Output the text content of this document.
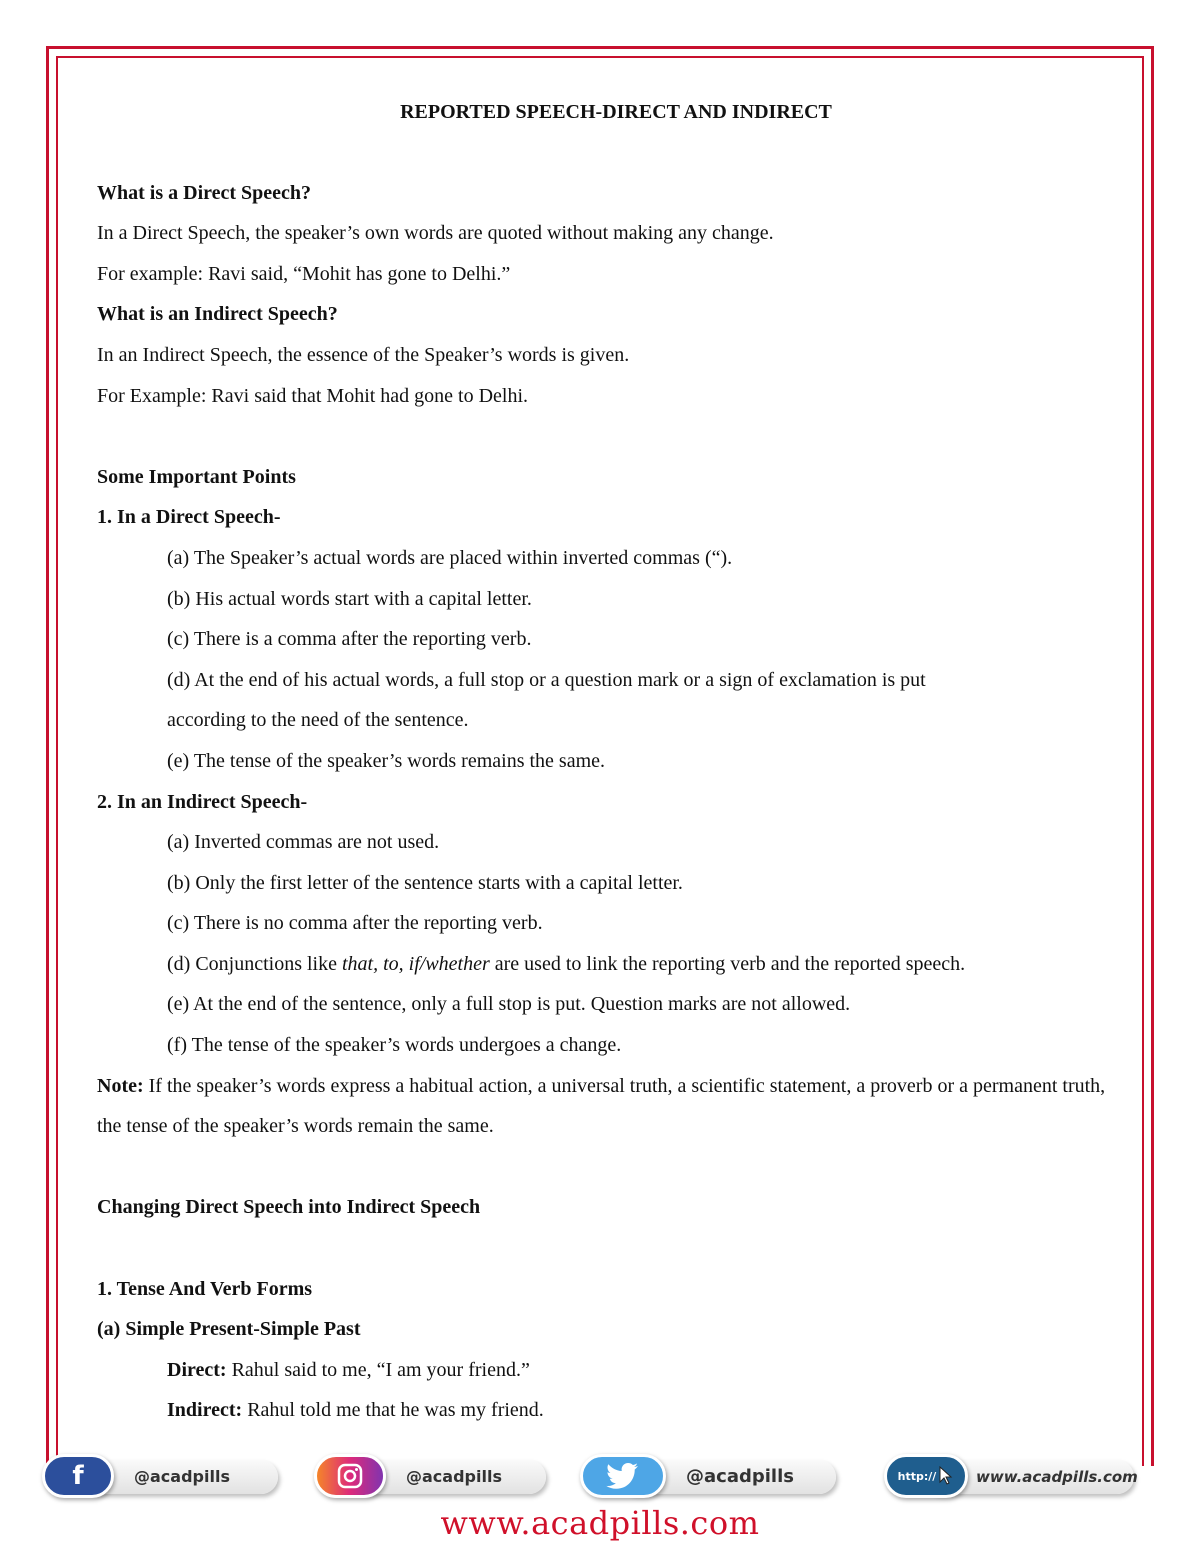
REPORTED SPEECH-DIRECT AND INDIRECT

What is a Direct Speech?

In a Direct Speech, the speaker’s own words are quoted without making any change.

For example: Ravi said, “Mohit has gone to Delhi.”

What is an Indirect Speech?

In an Indirect Speech, the essence of the Speaker’s words is given.

For Example: Ravi said that Mohit had gone to Delhi.

Some Important Points

1. In a Direct Speech-

(a) The Speaker’s actual words are placed within inverted commas (“).

(b) His actual words start with a capital letter.

(c) There is a comma after the reporting verb.

(d) At the end of his actual words, a full stop or a question mark or a sign of exclamation is put

according to the need of the sentence.

(e) The tense of the speaker’s words remains the same.

2. In an Indirect Speech-

(a) Inverted commas are not used.

(b) Only the first letter of the sentence starts with a capital letter.

(c) There is no comma after the reporting verb.

(d) Conjunctions like that, to, if/whether are used to link the reporting verb and the reported speech.

(e) At the end of the sentence, only a full stop is put. Question marks are not allowed.

(f) The tense of the speaker’s words undergoes a change.

Note: If the speaker’s words express a habitual action, a universal truth, a scientific statement, a proverb or a permanent truth, the tense of the speaker’s words remain the same.

Changing Direct Speech into Indirect Speech

1. Tense And Verb Forms

(a) Simple Present-Simple Past

Direct: Rahul said to me, “I am your friend.”

Indirect: Rahul told me that he was my friend.

@acadpills
f	@acadpills	@acadpills	www.acadpills.com
http://
www.acadpills.com
